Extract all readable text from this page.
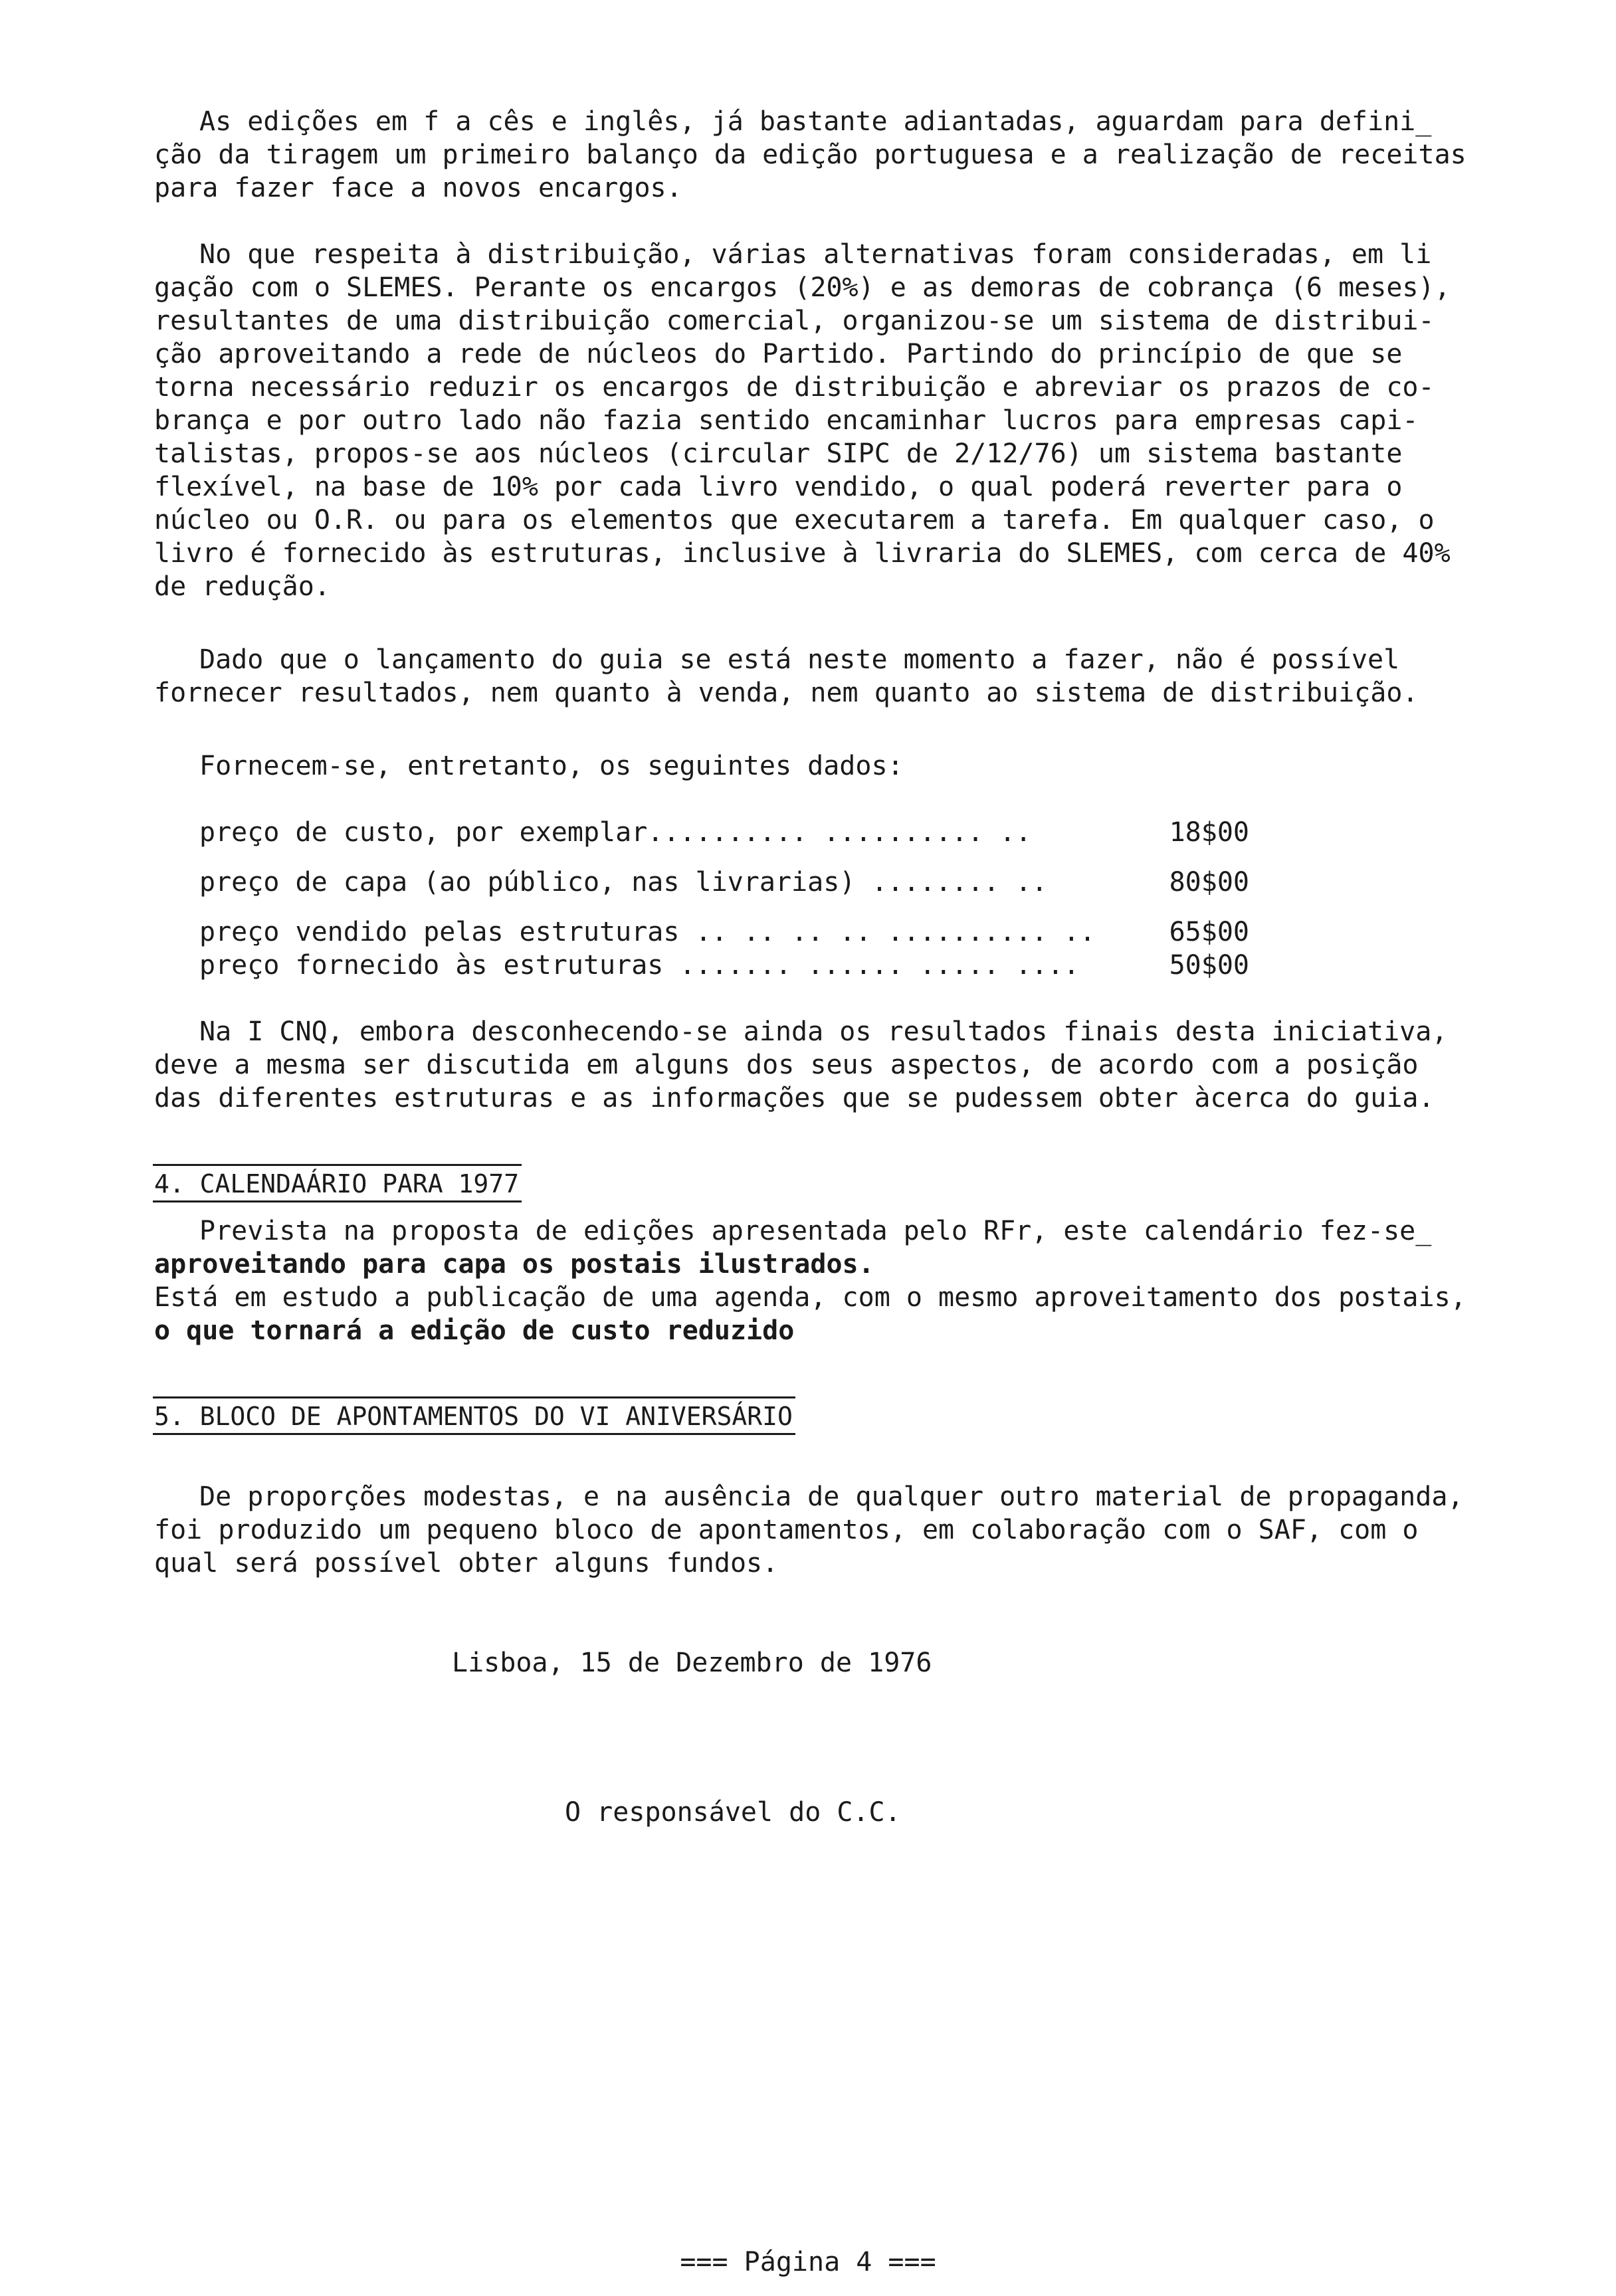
As edições em f a cês e inglês, já bastante adiantadas, aguardam para defini_
ção da tiragem um primeiro balanço da edição portuguesa e a realização de receitas
para fazer face a novos encargos.
No que respeita à distribuição, várias alternativas foram consideradas, em li
gação com o SLEMES. Perante os encargos (20%) e as demoras de cobrança (6 meses),
resultantes de uma distribuição comercial, organizou-se um sistema de distribui-
ção aproveitando a rede de núcleos do Partido. Partindo do princípio de que se
torna necessário reduzir os encargos de distribuição e abreviar os prazos de co-
brança e por outro lado não fazia sentido encaminhar lucros para empresas capi-
talistas, propos-se aos núcleos (circular SIPC de 2/12/76) um sistema bastante
flexível, na base de 10% por cada livro vendido, o qual poderá reverter para o
núcleo ou O.R. ou para os elementos que executarem a tarefa. Em qualquer caso, o
livro é fornecido às estruturas, inclusive à livraria do SLEMES, com cerca de 40%
de redução.
Dado que o lançamento do guia se está neste momento a fazer, não é possível
fornecer resultados, nem quanto à venda, nem quanto ao sistema de distribuição.
Fornecem-se, entretanto, os seguintes dados:
preço de custo, por exemplar.......... .......... ..	18$00
preço de capa (ao público, nas livrarias) ........ ..	80$00
preço vendido pelas estruturas .. .. .. .. .......... ..	65$00
preço fornecido às estruturas ....... ...... ..... ....	50$00
Na I CNQ, embora desconhecendo-se ainda os resultados finais desta iniciativa,
deve a mesma ser discutida em alguns dos seus aspectos, de acordo com a posição
das diferentes estruturas e as informações que se pudessem obter àcerca do guia.
4. CALENDAÁRIO PARA 1977
Prevista na proposta de edições apresentada pelo RFr, este calendário fez-se_
aproveitando para capa os postais ilustrados.
Está em estudo a publicação de uma agenda, com o mesmo aproveitamento dos postais,
o que tornará a edição de custo reduzido
5. BLOCO DE APONTAMENTOS DO VI ANIVERSÁRIO
De proporções modestas, e na ausência de qualquer outro material de propaganda,
foi produzido um pequeno bloco de apontamentos, em colaboração com o SAF, com o
qual será possível obter alguns fundos.
Lisboa, 15 de Dezembro de 1976
O responsável do C.C.
=== Página 4 ===
